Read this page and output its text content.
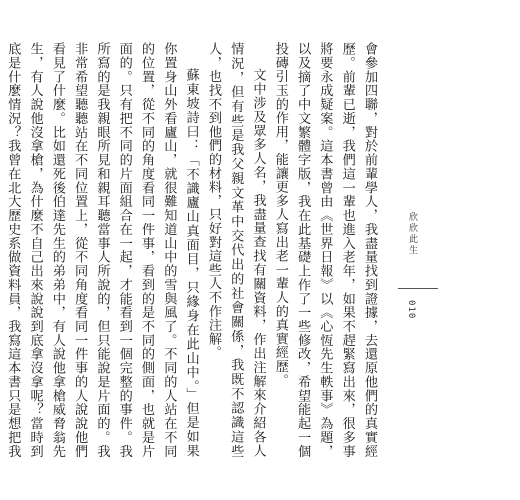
會參加四聯，對於前輩學人，我盡量找到證據，去還原他們的真實經歷。前輩已逝，我們這一輩也進入老年，如果不趕緊寫出來，很多事將要永成疑案。這本書曾由《世界日報》以《心恆先生軼事》為題，以及摘了中文繁體字版，我在此基礎上作了一些修改，希望能起一個投磚引玉的作用，能讓更多人寫出老一輩人的真實經歷。

文中涉及眾多人名，我盡量查找有關資料，作出注解來介紹各人情況，但有些是我父親文革中交代出的社會關係，我既不認識這些人，也找不到他們的材料，只好對這些人不作注解。

蘇東坡詩曰：「不識廬山真面目，只緣身在此山中。」但是如果你置身山外看廬山，就很難知道山中的雪與風了。不同的人站在不同的位置，從不同的角度看同一件事，看到的是不同的側面，也就是片面的。只有把不同的片面組合在一起，才能看到一個完整的事件。我所寫的是我親眼所見和親耳聽當事人所說的，但只能說是片面的。我非常希望聽聽站在不同位置上，從不同角度看同一件事的人說說他們看見了什麼。比如還死後伯達先生的弟弟中，有人說他拿槍威脅翁先生，有人說他沒拿槍，為什麼不自己出來說說到底拿沒拿呢？當時到底是什麼情況？我曾在北大歷史系做資料員，我寫這本書只是想把我

欣欣此生
010
